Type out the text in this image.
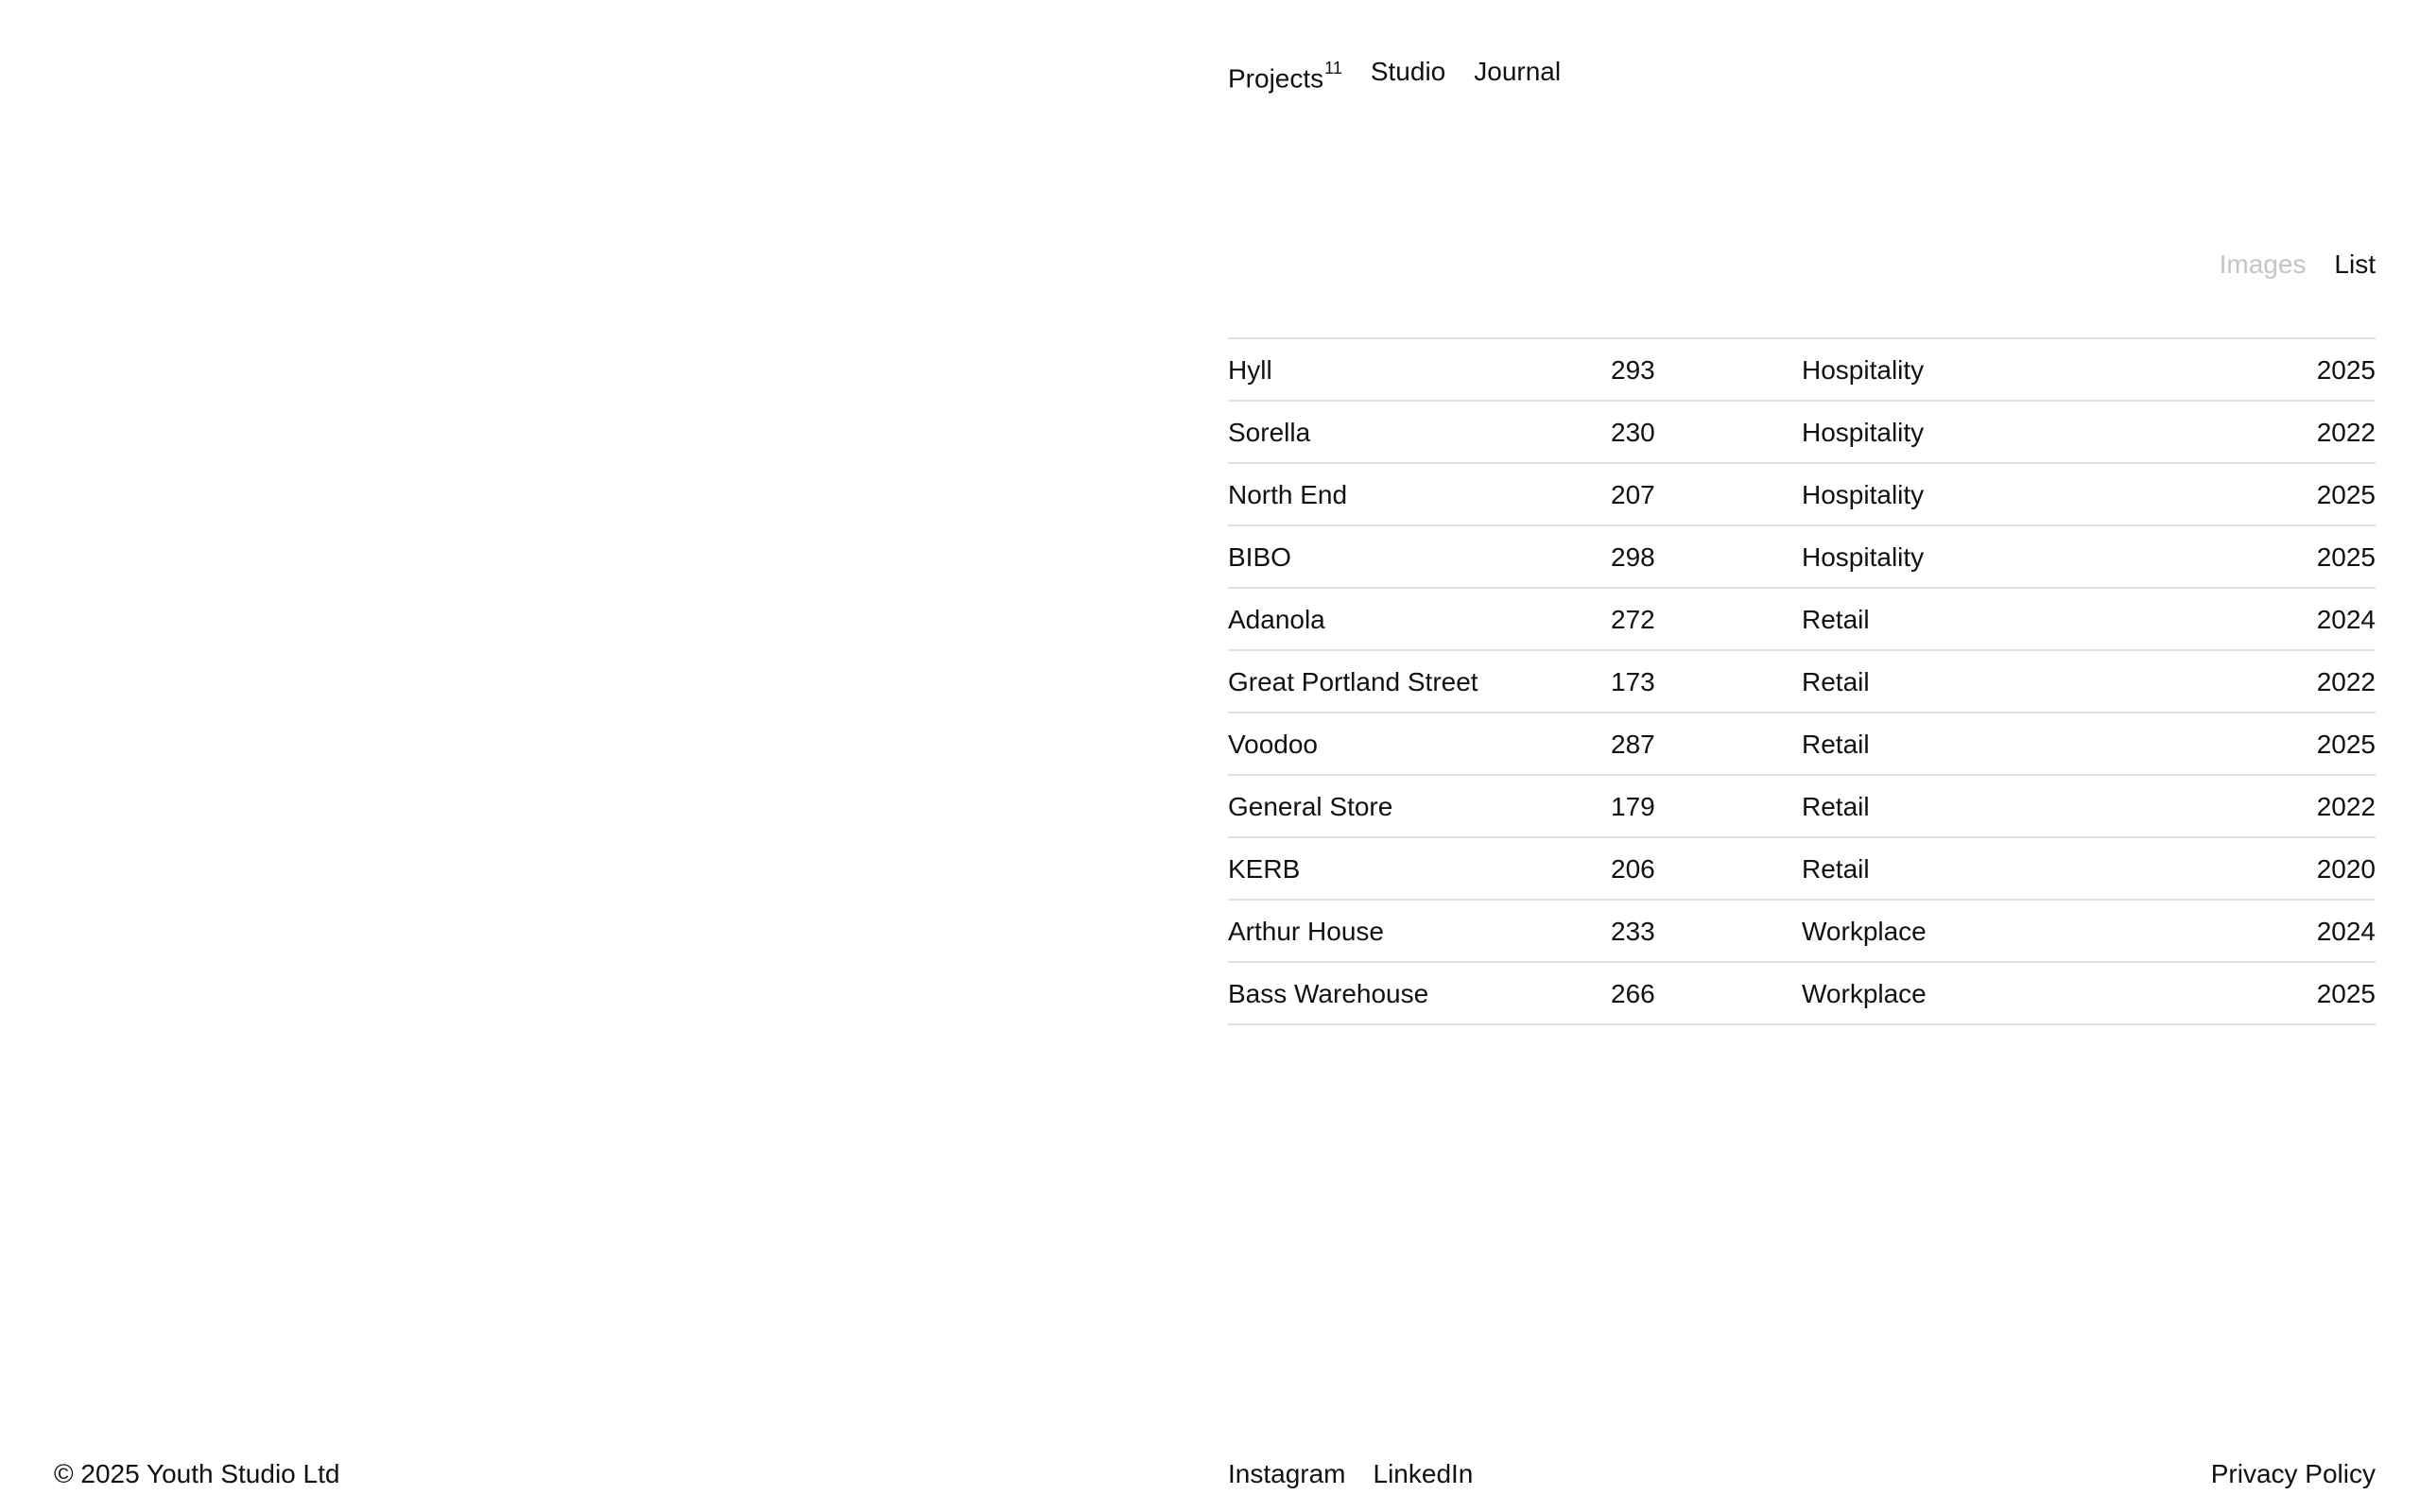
Projects$^{11}$ Studio Journal
Images List
Hyll	293	Hospitality	2025
Sorella	230	Hospitality	2022
North End	207	Hospitality	2025
BIBO	298	Hospitality	2025
Adanola	272	Retail	2024
Great Portland Street	173	Retail	2022
Voodoo	287	Retail	2025
General Store	179	Retail	2022
KERB	206	Retail	2020
Arthur House	233	Workplace	2024
Bass Warehouse	266	Workplace	2025
© 2025 Youth Studio Ltd	Instagram LinkedIn	Privacy Policy
